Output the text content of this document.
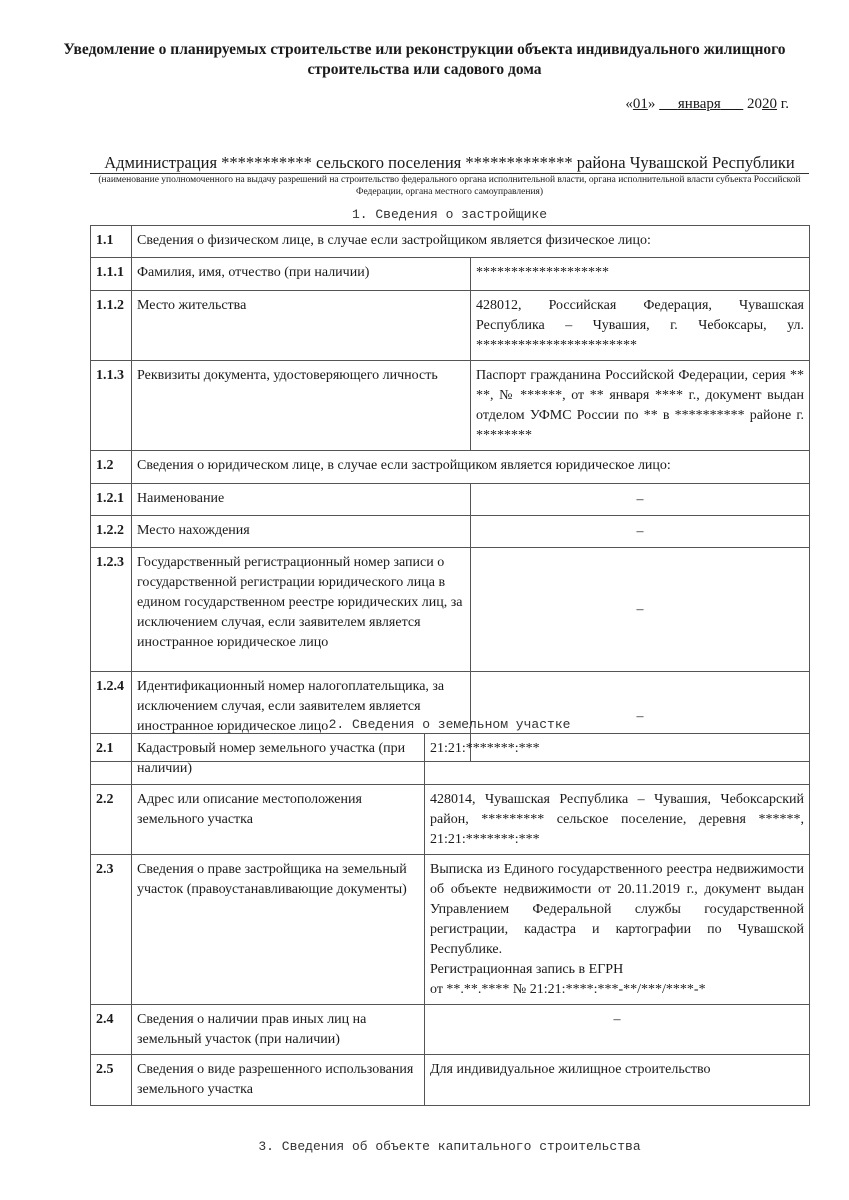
Уведомление о планируемых строительстве или реконструкции объекта индивидуального жилищного строительства или садового дома
«01» января 2020 г.
Администрация *********** сельского поселения ************* района Чувашской Республики
(наименование уполномоченного на выдачу разрешений на строительство федерального органа исполнительной власти, органа исполнительной власти субъекта Российской Федерации, органа местного самоуправления)
1. Сведения о застройщике
1.1	Сведения о физическом лице, в случае если застройщиком является физическое лицо:	
1.1.1	Фамилия, имя, отчество (при наличии)	*******************
1.1.2	Место жительства	428012, Российская Федерация, Чувашская Республика – Чувашия, г. Чебоксары, ул. ***********************
1.1.3	Реквизиты документа, удостоверяющего личность	Паспорт гражданина Российской Федерации, серия ** **, № ******, от ** января **** г., документ выдан отделом УФМС России по ** в ********** районе г. ********
1.2	Сведения о юридическом лице, в случае если застройщиком является юридическое лицо:	
1.2.1	Наименование	–
1.2.2	Место нахождения	–
1.2.3	Государственный регистрационный номер записи о государственной регистрации юридического лица в едином государственном реестре юридических лиц, за исключением случая, если заявителем является иностранное юридическое лицо	–
1.2.4	Идентификационный номер налогоплательщика, за исключением случая, если заявителем является иностранное юридическое лицо	–
2. Сведения о земельном участке
2.1	Кадастровый номер земельного участка (при наличии)	21:21:*******:***
2.2	Адрес или описание местоположения земельного участка	428014, Чувашская Республика – Чувашия, Чебоксарский район, ********* сельское поселение, деревня ******, 21:21:*******:***
2.3	Сведения о праве застройщика на земельный участок (правоустанавливающие документы)	Выписка из Единого государственного реестра недвижимости об объекте недвижимости от 20.11.2019 г., документ выдан Управлением Федеральной службы государственной регистрации, кадастра и картографии по Чувашской Республике.
Регистрационная запись в ЕГРН
от **.**.**** № 21:21:****:***-**/***/****-*

2.4	Сведения о наличии прав иных лиц на земельный участок (при наличии)	–
2.5	Сведения о виде разрешенного использования земельного участка	Для индивидуальное жилищное строительство
3. Сведения об объекте капитального строительства
